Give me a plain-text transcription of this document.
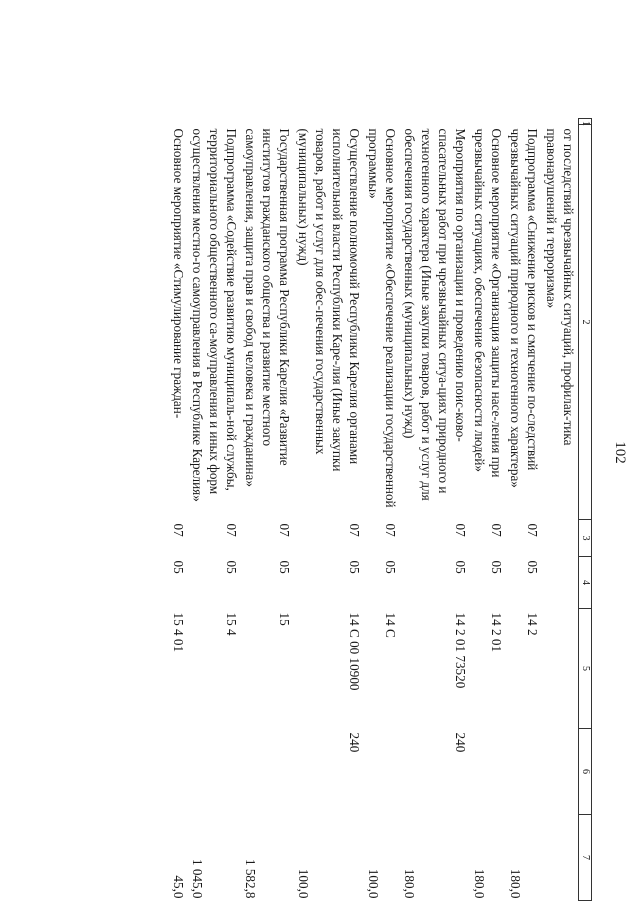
102
1	2	3	4	5	6	7
	от последствий чрезвычайных ситуаций, профилак-тика правонарушений и терроризма»					
	Подпрограмма «Снижение рисков и смягчение по-следствий чрезвычайных ситуаций природного и техногенного характера»	07	05	14 2		180,0
	Основное мероприятие «Организация защиты насе-ления при чрезвычайных ситуациях, обеспечение безопасности людей»	07	05	14 2 01		180,0
	Мероприятия по организации и проведению поис-ково-спасательных работ при чрезвычайных ситуа-циях природного и техногенного характера (Иные закупки товаров, работ и услуг для обеспечения государственных (муниципальных) нужд)	07	05	14 2 01 73520	240	180,0
	Основное мероприятие «Обеспечение реализации государственной программы»	07	05	14 С		100,0
	Осуществление полномочий Республики Карелия органами исполнительной власти Республики Каре-лия (Иные закупки товаров, работ и услуг для обес-печения государственных (муниципальных) нужд)	07	05	14 С 00 10900	240	100,0
	Государственная программа Республики Карелия «Развитие институтов гражданского общества и развитие местного самоуправления, защита прав и свобод человека и гражданина»	07	05	15		1 582,8
	Подпрограмма «Содействие развитию муниципаль-ной службы, территориального общественного са-моуправления и иных форм осуществления местно-го самоуправления в Республике Карелия»	07	05	15 4		1 045,0
	Основное мероприятие «Стимулирование граждан-	07	05	15 4 01		45,0
